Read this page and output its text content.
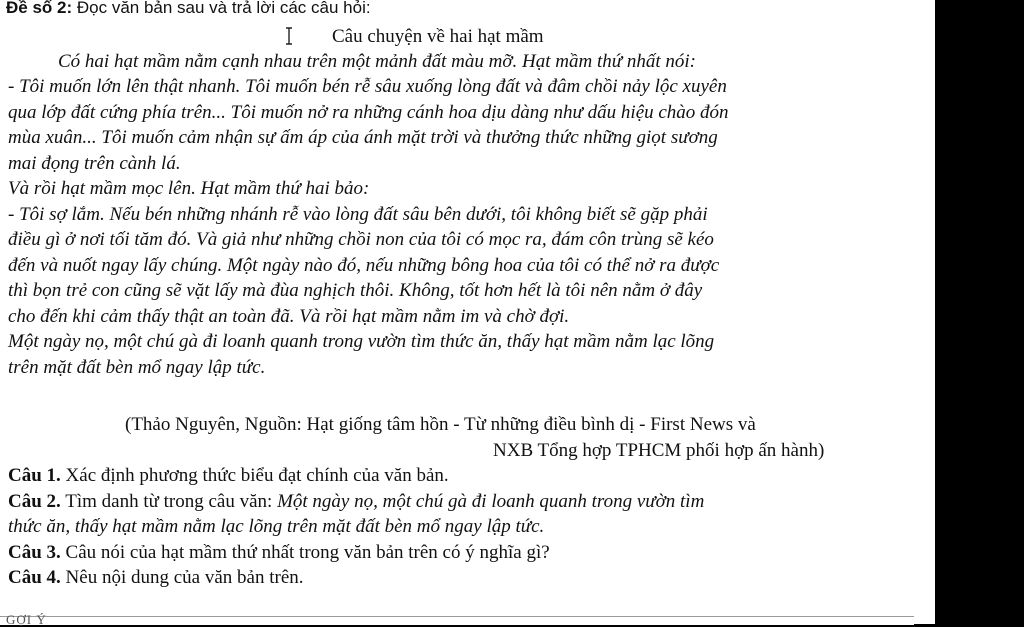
Đề số 2: Đọc văn bản sau và trả lời các câu hỏi:
Câu chuyện về hai hạt mầm
Có hai hạt mầm nằm cạnh nhau trên một mảnh đất màu mỡ. Hạt mầm thứ nhất nói:
- Tôi muốn lớn lên thật nhanh. Tôi muốn bén rễ sâu xuống lòng đất và đâm chồi nảy lộc xuyên
qua lớp đất cứng phía trên... Tôi muốn nở ra những cánh hoa dịu dàng như dấu hiệu chào đón
mùa xuân... Tôi muốn cảm nhận sự ấm áp của ánh mặt trời và thưởng thức những giọt sương
mai đọng trên cành lá.
Và rồi hạt mầm mọc lên. Hạt mầm thứ hai bảo:
- Tôi sợ lắm. Nếu bén những nhánh rễ vào lòng đất sâu bên dưới, tôi không biết sẽ gặp phải
điều gì ở nơi tối tăm đó. Và giả như những chồi non của tôi có mọc ra, đám côn trùng sẽ kéo
đến và nuốt ngay lấy chúng. Một ngày nào đó, nếu những bông hoa của tôi có thể nở ra được
thì bọn trẻ con cũng sẽ vặt lấy mà đùa nghịch thôi. Không, tốt hơn hết là tôi nên nằm ở đây
cho đến khi cảm thấy thật an toàn đã. Và rồi hạt mầm nằm im và chờ đợi.
Một ngày nọ, một chú gà đi loanh quanh trong vườn tìm thức ăn, thấy hạt mầm nằm lạc lõng
trên mặt đất bèn mổ ngay lập tức.
(Thảo Nguyên, Nguồn: Hạt giống tâm hồn - Từ những điều bình dị - First News và
NXB Tổng hợp TPHCM phối hợp ấn hành)
Câu 1. Xác định phương thức biểu đạt chính của văn bản.
Câu 2. Tìm danh từ trong câu văn: Một ngày nọ, một chú gà đi loanh quanh trong vườn tìm
thức ăn, thấy hạt mầm nằm lạc lõng trên mặt đất bèn mổ ngay lập tức.
Câu 3. Câu nói của hạt mầm thứ nhất trong văn bản trên có ý nghĩa gì?
Câu 4. Nêu nội dung của văn bản trên.
GỢI Ý
